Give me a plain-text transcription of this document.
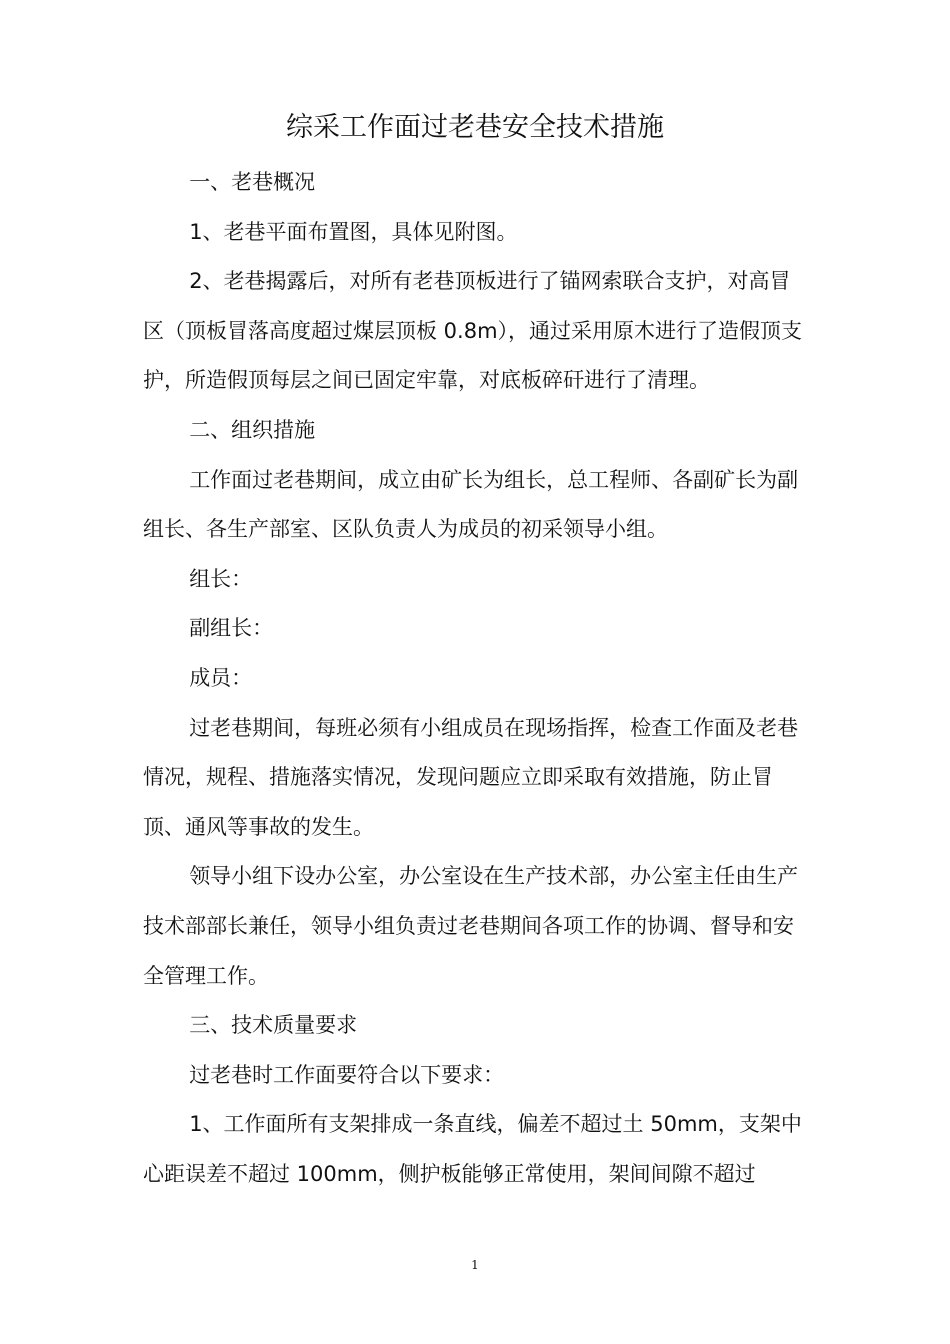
综采工作面过老巷安全技术措施

一、老巷概况

1、老巷平面布置图，具体见附图。

2、老巷揭露后，对所有老巷顶板进行了锚网索联合支护，对高冒区（顶板冒落高度超过煤层顶板 0.8m），通过采用原木进行了造假顶支护，所造假顶每层之间已固定牢靠，对底板碎矸进行了清理。

二、组织措施

工作面过老巷期间，成立由矿长为组长，总工程师、各副矿长为副组长、各生产部室、区队负责人为成员的初采领导小组。

组长：

副组长：

成员：

过老巷期间，每班必须有小组成员在现场指挥，检查工作面及老巷情况，规程、措施落实情况，发现问题应立即采取有效措施，防止冒顶、通风等事故的发生。

领导小组下设办公室，办公室设在生产技术部，办公室主任由生产技术部部长兼任，领导小组负责过老巷期间各项工作的协调、督导和安全管理工作。

三、技术质量要求

过老巷时工作面要符合以下要求：

1、工作面所有支架排成一条直线，偏差不超过土 50mm，支架中心距误差不超过 100mm，侧护板能够正常使用，架间间隙不超过

1
